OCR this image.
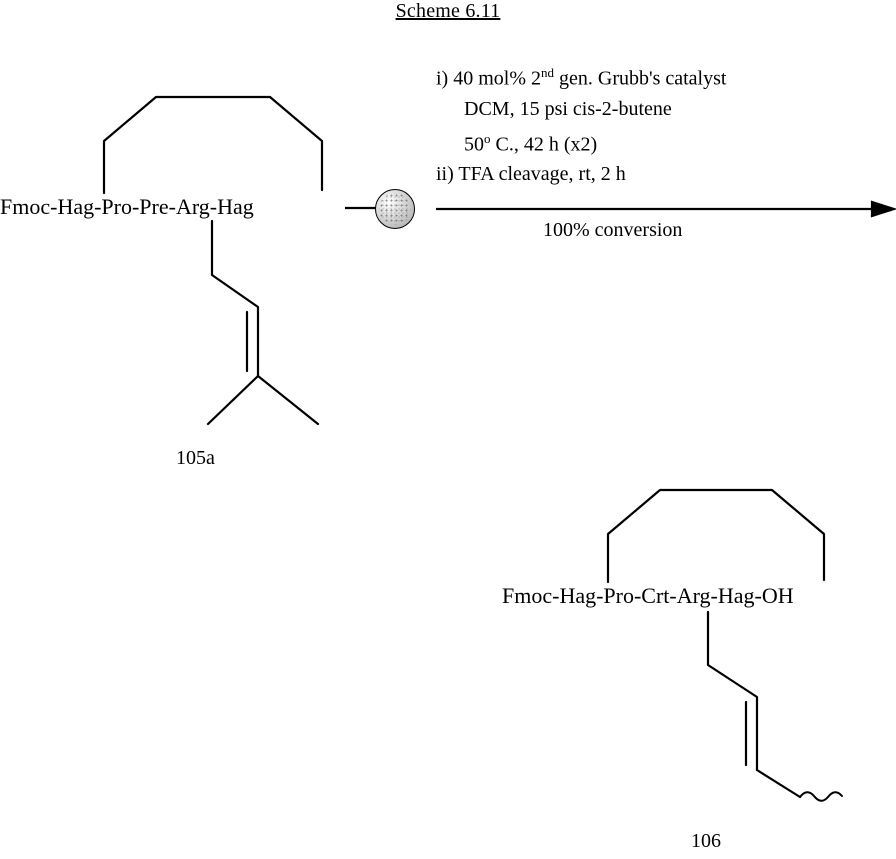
Scheme 6.11
Fmoc-Hag-Pro-Pre-Arg-Hag
105a
i) 40 mol% 2nd gen. Grubb's catalyst
DCM, 15 psi cis-2-butene
50$^o$ C., 42 h (x2)
ii) TFA cleavage, rt, 2 h
100% conversion
Fmoc-Hag-Pro-Crt-Arg-Hag-OH
106
